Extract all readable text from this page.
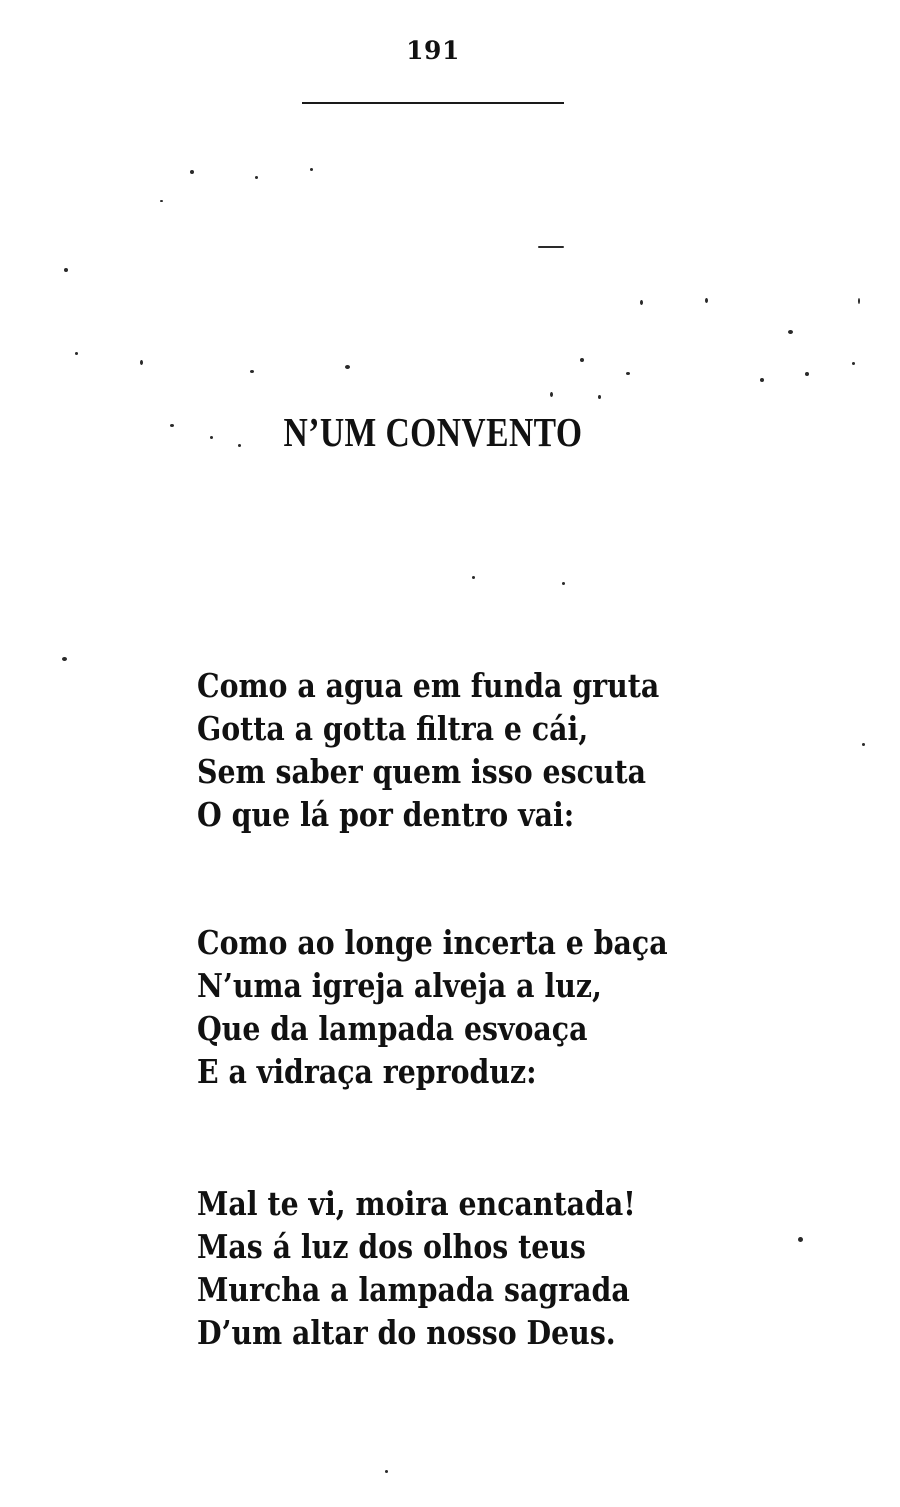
191
N’UM CONVENTO
Como a agua em funda gruta
Gotta a gotta filtra e cái,
Sem saber quem isso escuta
O que lá por dentro vai:
Como ao longe incerta e baça
N’uma igreja alveja a luz,
Que da lampada esvoaça
E a vidraça reproduz:
Mal te vi, moira encantada!
Mas á luz dos olhos teus
Murcha a lampada sagrada
D’um altar do nosso Deus.
